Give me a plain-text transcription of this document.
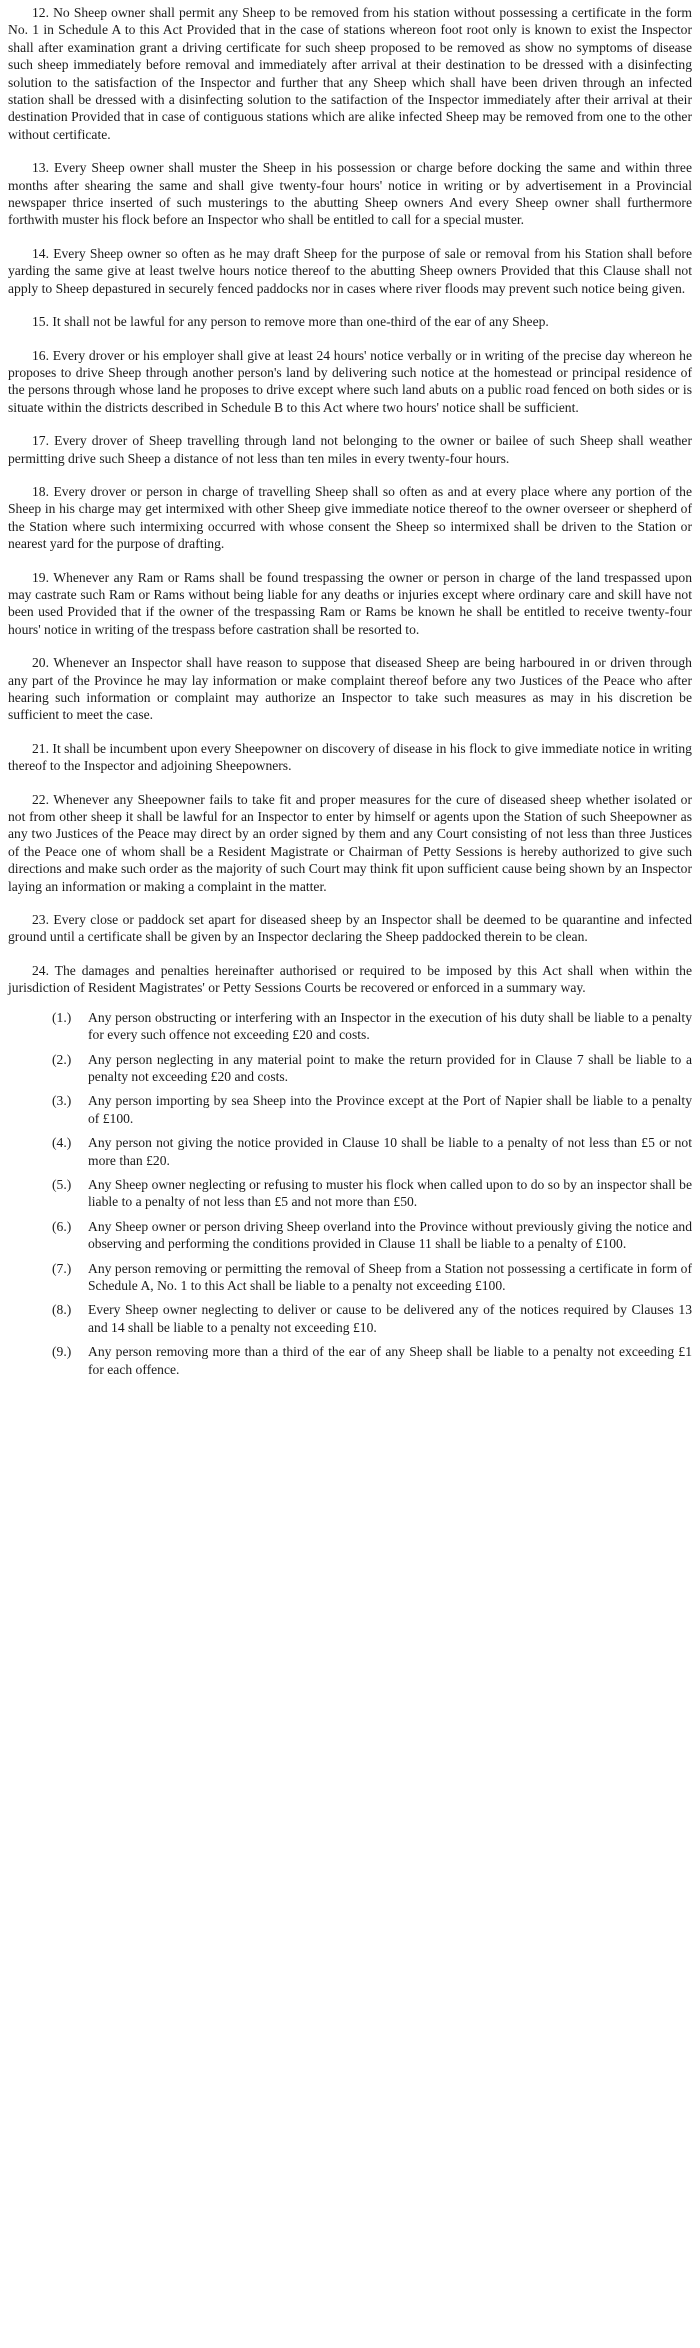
12. No Sheep owner shall permit any Sheep to be removed from his station without possessing a certificate in the form No. 1 in Schedule A to this Act Provided that in the case of stations whereon foot root only is known to exist the Inspector shall after examination grant a driving certificate for such sheep proposed to be removed as show no symptoms of disease such sheep immediately before removal and immediately after arrival at their destination to be dressed with a disinfecting solution to the satisfaction of the Inspector and further that any Sheep which shall have been driven through an infected station shall be dressed with a disinfecting solution to the satifaction of the Inspector immediately after their arrival at their destination Provided that in case of contiguous stations which are alike infected Sheep may be removed from one to the other without certificate.

13. Every Sheep owner shall muster the Sheep in his possession or charge before docking the same and within three months after shearing the same and shall give twenty-four hours' notice in writing or by advertisement in a Provincial newspaper thrice inserted of such musterings to the abutting Sheep owners And every Sheep owner shall furthermore forthwith muster his flock before an Inspector who shall be entitled to call for a special muster.

14. Every Sheep owner so often as he may draft Sheep for the purpose of sale or removal from his Station shall before yarding the same give at least twelve hours notice thereof to the abutting Sheep owners Provided that this Clause shall not apply to Sheep depastured in securely fenced paddocks nor in cases where river floods may prevent such notice being given.

15. It shall not be lawful for any person to remove more than one-third of the ear of any Sheep.

16. Every drover or his employer shall give at least 24 hours' notice verbally or in writing of the precise day whereon he proposes to drive Sheep through another person's land by delivering such notice at the homestead or principal residence of the persons through whose land he proposes to drive except where such land abuts on a public road fenced on both sides or is situate within the districts described in Schedule B to this Act where two hours' notice shall be sufficient.

17. Every drover of Sheep travelling through land not belonging to the owner or bailee of such Sheep shall weather permitting drive such Sheep a distance of not less than ten miles in every twenty-four hours.

18. Every drover or person in charge of travelling Sheep shall so often as and at every place where any portion of the Sheep in his charge may get intermixed with other Sheep give immediate notice thereof to the owner overseer or shepherd of the Station where such intermixing occurred with whose consent the Sheep so intermixed shall be driven to the Station or nearest yard for the purpose of drafting.

19. Whenever any Ram or Rams shall be found trespassing the owner or person in charge of the land trespassed upon may castrate such Ram or Rams without being liable for any deaths or injuries except where ordinary care and skill have not been used Provided that if the owner of the trespassing Ram or Rams be known he shall be entitled to receive twenty-four hours' notice in writing of the trespass before castration shall be resorted to.

20. Whenever an Inspector shall have reason to suppose that diseased Sheep are being harboured in or driven through any part of the Province he may lay information or make complaint thereof before any two Justices of the Peace who after hearing such information or complaint may authorize an Inspector to take such measures as may in his discretion be sufficient to meet the case.

21. It shall be incumbent upon every Sheepowner on discovery of disease in his flock to give immediate notice in writing thereof to the Inspector and adjoining Sheepowners.

22. Whenever any Sheepowner fails to take fit and proper measures for the cure of diseased sheep whether isolated or not from other sheep it shall be lawful for an Inspector to enter by himself or agents upon the Station of such Sheepowner as any two Justices of the Peace may direct by an order signed by them and any Court consisting of not less than three Justices of the Peace one of whom shall be a Resident Magistrate or Chairman of Petty Sessions is hereby authorized to give such directions and make such order as the majority of such Court may think fit upon sufficient cause being shown by an Inspector laying an information or making a complaint in the matter.

23. Every close or paddock set apart for diseased sheep by an Inspector shall be deemed to be quarantine and infected ground until a certificate shall be given by an Inspector declaring the Sheep paddocked therein to be clean.

24. The damages and penalties hereinafter authorised or required to be imposed by this Act shall when within the jurisdiction of Resident Magistrates' or Petty Sessions Courts be recovered or enforced in a summary way.

(1.) Any person obstructing or interfering with an Inspector in the execution of his duty shall be liable to a penalty for every such offence not exceeding £20 and costs.
(2.) Any person neglecting in any material point to make the return provided for in Clause 7 shall be liable to a penalty not exceeding £20 and costs.
(3.) Any person importing by sea Sheep into the Province except at the Port of Napier shall be liable to a penalty of £100.
(4.) Any person not giving the notice provided in Clause 10 shall be liable to a penalty of not less than £5 or not more than £20.
(5.) Any Sheep owner neglecting or refusing to muster his flock when called upon to do so by an inspector shall be liable to a penalty of not less than £5 and not more than £50.
(6.) Any Sheep owner or person driving Sheep overland into the Province without previously giving the notice and observing and performing the conditions provided in Clause 11 shall be liable to a penalty of £100.
(7.) Any person removing or permitting the removal of Sheep from a Station not possessing a certificate in form of Schedule A, No. 1 to this Act shall be liable to a penalty not exceeding £100.
(8.) Every Sheep owner neglecting to deliver or cause to be delivered any of the notices required by Clauses 13 and 14 shall be liable to a penalty not exceeding £10.
(9.) Any person removing more than a third of the ear of any Sheep shall be liable to a penalty not exceeding £1 for each offence.
